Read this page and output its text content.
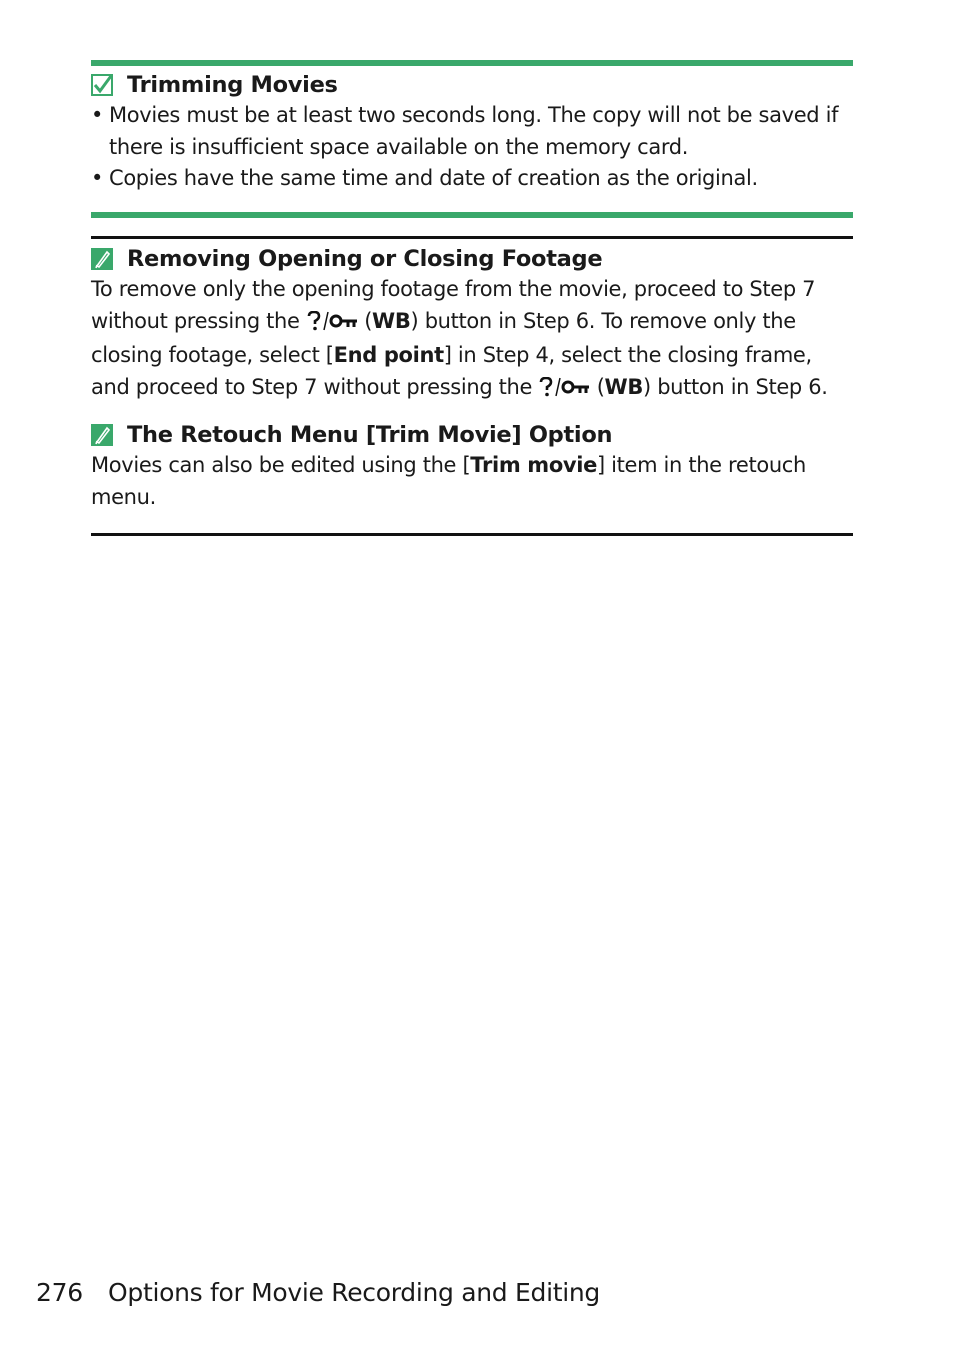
Trimming Movies
• Movies must be at least two seconds long. The copy will not be saved if there is insufficient space available on the memory card.
• Copies have the same time and date of creation as the original.
Removing Opening or Closing Footage
To remove only the opening footage from the movie, proceed to Step 7 without pressing the	(WB) button in Step 6. To remove only the closing footage, select [End point] in Step 4, select the closing frame, and proceed to Step 7 without pressing the	(WB) button in Step 6.
The Retouch Menu [Trim Movie] Option
Movies can also be edited using the [Trim movie] item in the retouch menu.
276 Options for Movie Recording and Editing
